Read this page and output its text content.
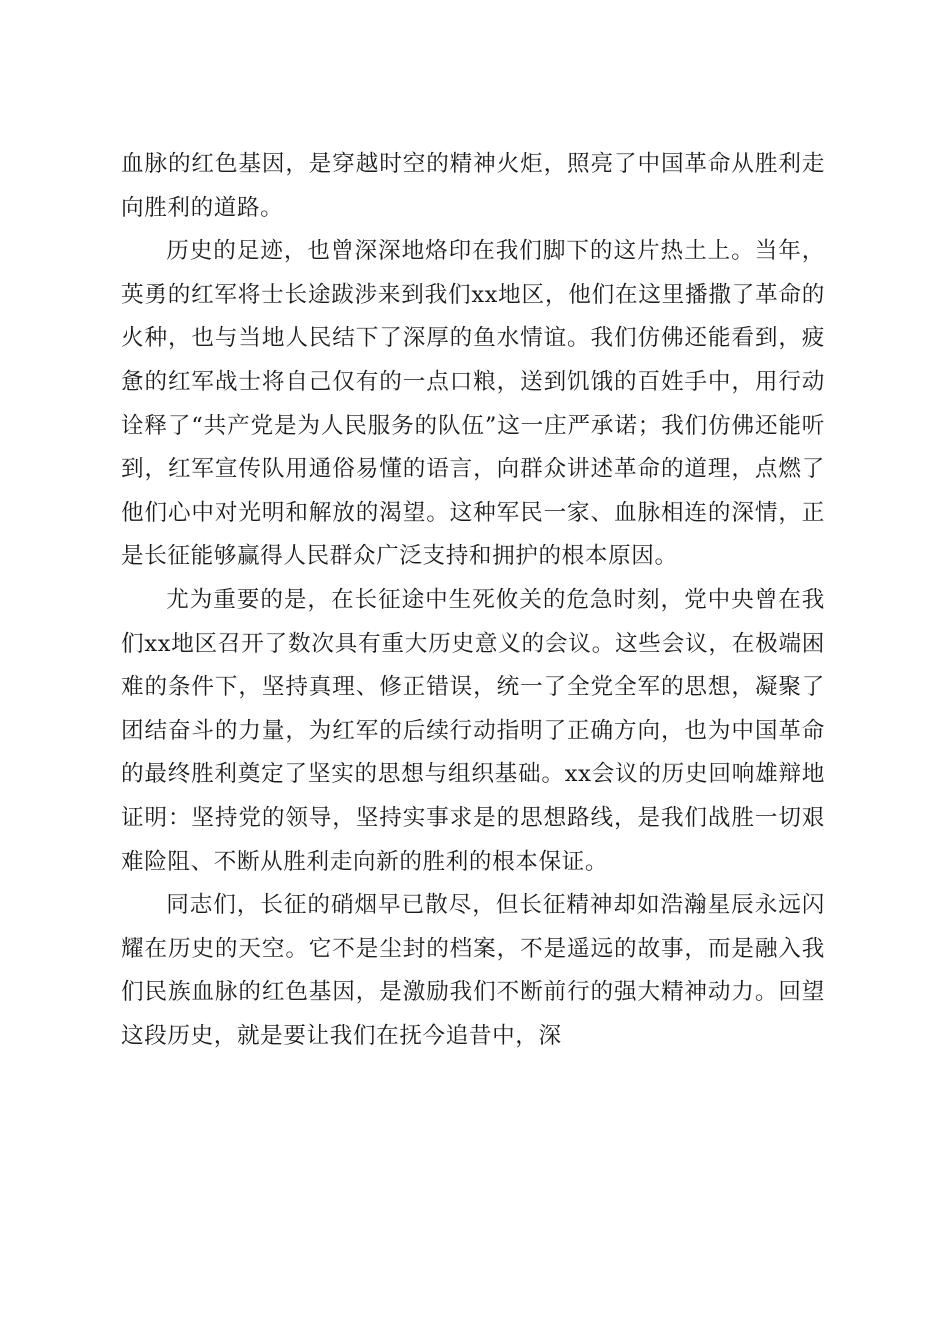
血脉的红色基因，是穿越时空的精神火炬，照亮了中国革命从胜利走向胜利的道路。

历史的足迹，也曾深深地烙印在我们脚下的这片热土上。当年，英勇的红军将士长途跋涉来到我们xx地区，他们在这里播撒了革命的火种，也与当地人民结下了深厚的鱼水情谊。我们仿佛还能看到，疲惫的红军战士将自己仅有的一点口粮，送到饥饿的百姓手中，用行动诠释了“共产党是为人民服务的队伍”这一庄严承诺；我们仿佛还能听到，红军宣传队用通俗易懂的语言，向群众讲述革命的道理，点燃了他们心中对光明和解放的渴望。这种军民一家、血脉相连的深情，正是长征能够赢得人民群众广泛支持和拥护的根本原因。

尤为重要的是，在长征途中生死攸关的危急时刻，党中央曾在我们xx地区召开了数次具有重大历史意义的会议。这些会议，在极端困难的条件下，坚持真理、修正错误，统一了全党全军的思想，凝聚了团结奋斗的力量，为红军的后续行动指明了正确方向，也为中国革命的最终胜利奠定了坚实的思想与组织基础。xx会议的历史回响雄辩地证明：坚持党的领导，坚持实事求是的思想路线，是我们战胜一切艰难险阻、不断从胜利走向新的胜利的根本保证。

同志们，长征的硝烟早已散尽，但长征精神却如浩瀚星辰永远闪耀在历史的天空。它不是尘封的档案，不是遥远的故事，而是融入我们民族血脉的红色基因，是激励我们不断前行的强大精神动力。回望这段历史，就是要让我们在抚今追昔中，深
